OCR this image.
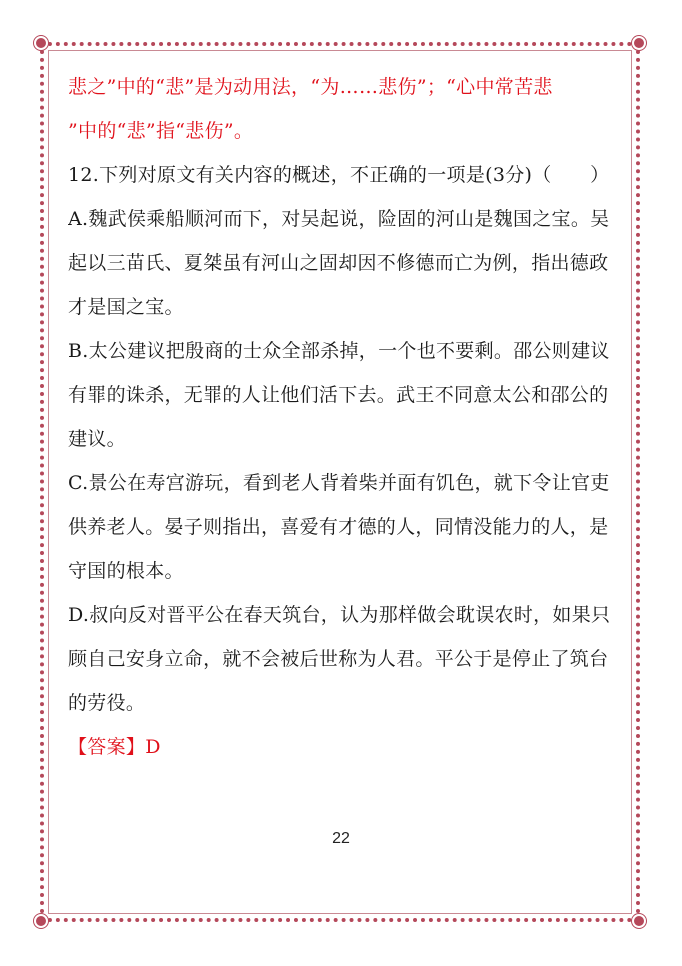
悲之”中的“悲”是为动用法，“为……悲伤”；“心中常苦悲
”中的“悲”指“悲伤”。
12.下列对原文有关内容的概述，不正确的一项是(3分)（　　）
A.魏武侯乘船顺河而下，对吴起说，险固的河山是魏国之宝。吴
起以三苗氏、夏桀虽有河山之固却因不修德而亡为例，指出德政
才是国之宝。
B.太公建议把殷商的士众全部杀掉，一个也不要剩。邵公则建议
有罪的诛杀，无罪的人让他们活下去。武王不同意太公和邵公的
建议。
C.景公在寿宫游玩，看到老人背着柴并面有饥色，就下令让官吏
供养老人。晏子则指出，喜爱有才德的人，同情没能力的人，是
守国的根本。
D.叔向反对晋平公在春天筑台，认为那样做会耽误农时，如果只
顾自己安身立命，就不会被后世称为人君。平公于是停止了筑台
的劳役。
【答案】D
22
